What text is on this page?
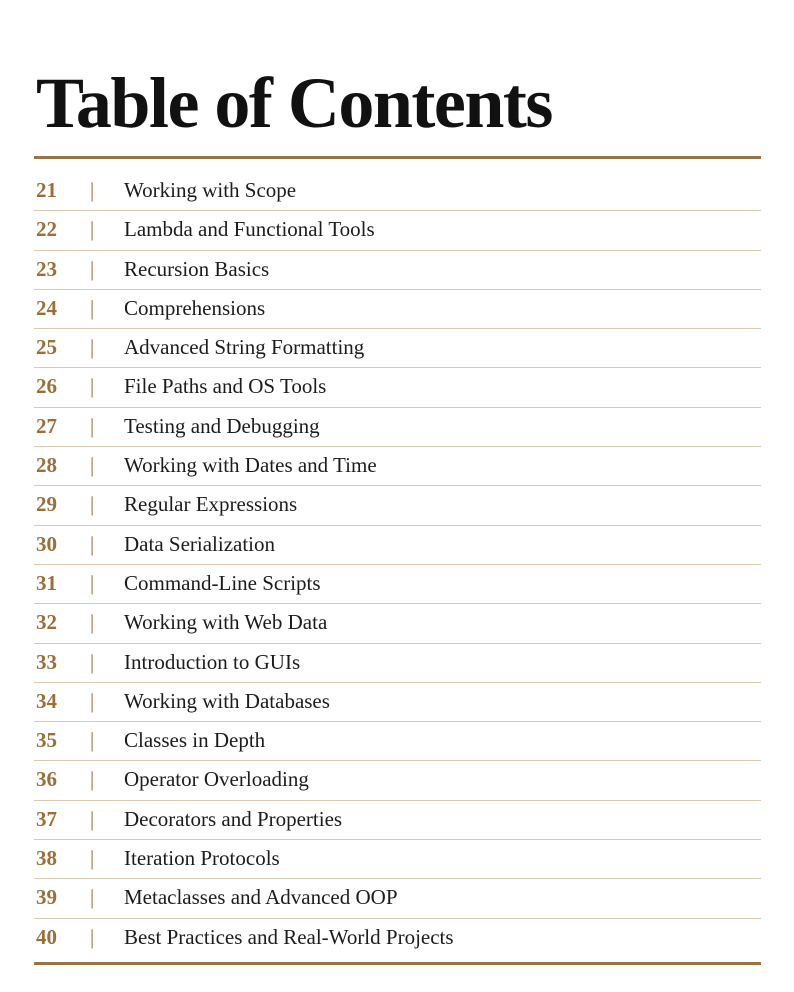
Table of Contents
21 | Working with Scope
22 | Lambda and Functional Tools
23 | Recursion Basics
24 | Comprehensions
25 | Advanced String Formatting
26 | File Paths and OS Tools
27 | Testing and Debugging
28 | Working with Dates and Time
29 | Regular Expressions
30 | Data Serialization
31 | Command-Line Scripts
32 | Working with Web Data
33 | Introduction to GUIs
34 | Working with Databases
35 | Classes in Depth
36 | Operator Overloading
37 | Decorators and Properties
38 | Iteration Protocols
39 | Metaclasses and Advanced OOP
40 | Best Practices and Real-World Projects
